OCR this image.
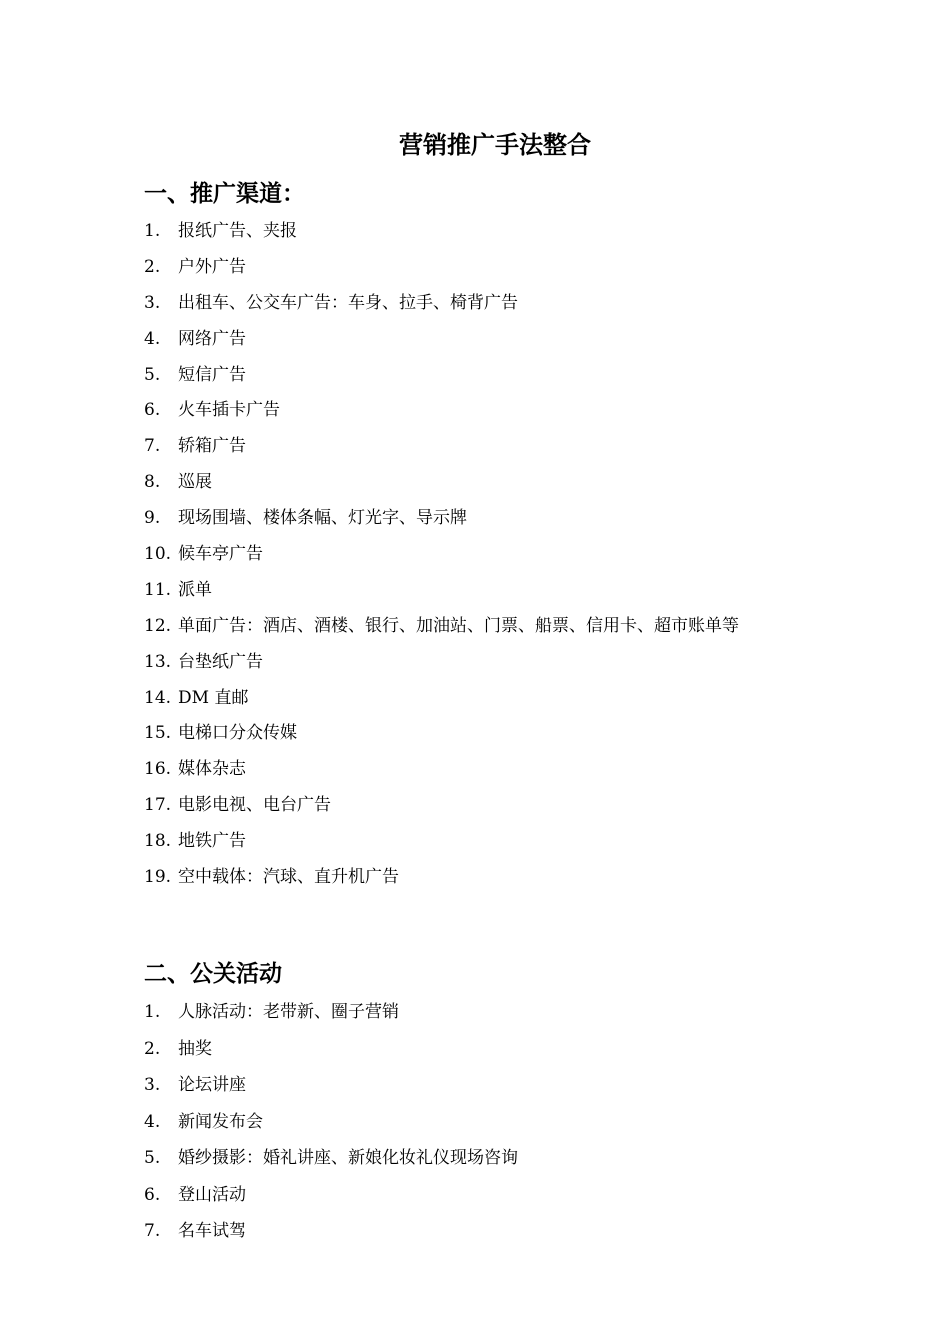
营销推广手法整合
一、推广渠道：
1. 报纸广告、夹报
2. 户外广告
3. 出租车、公交车广告：车身、拉手、椅背广告
4. 网络广告
5. 短信广告
6. 火车插卡广告
7. 轿箱广告
8. 巡展
9. 现场围墙、楼体条幅、灯光字、导示牌
10. 候车亭广告
11. 派单
12. 单面广告：酒店、酒楼、银行、加油站、门票、船票、信用卡、超市账单等
13. 台垫纸广告
14. DM 直邮
15. 电梯口分众传媒
16. 媒体杂志
17. 电影电视、电台广告
18. 地铁广告
19. 空中载体：汽球、直升机广告
二、公关活动
1. 人脉活动：老带新、圈子营销
2. 抽奖
3. 论坛讲座
4. 新闻发布会
5. 婚纱摄影：婚礼讲座、新娘化妆礼仪现场咨询
6. 登山活动
7. 名车试驾
